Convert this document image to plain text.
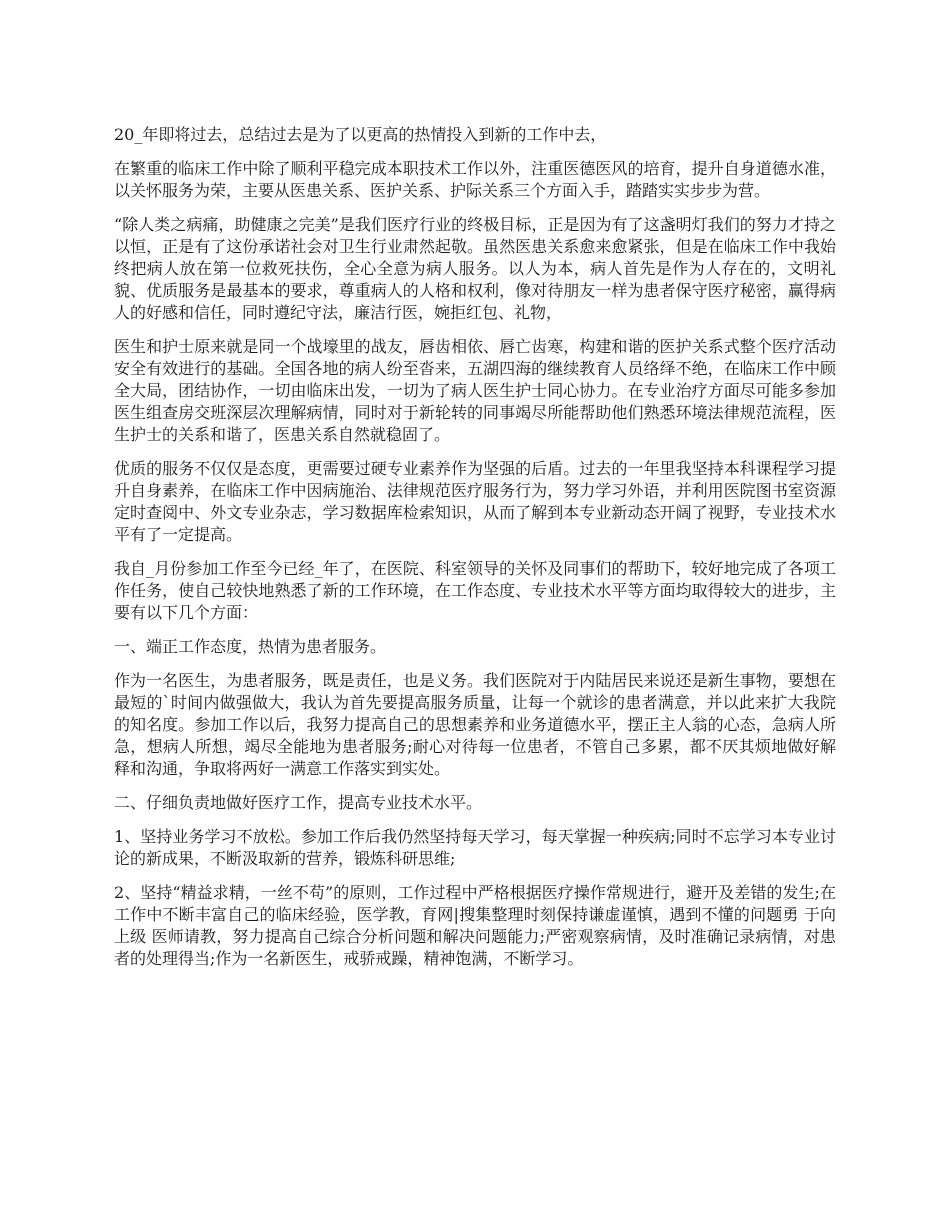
20_年即将过去，总结过去是为了以更高的热情投入到新的工作中去，

在繁重的临床工作中除了顺利平稳完成本职技术工作以外，注重医德医风的培育，提升自身道德水准，以关怀服务为荣，主要从医患关系、医护关系、护际关系三个方面入手，踏踏实实步步为营。

“除人类之病痛，助健康之完美”是我们医疗行业的终极目标，正是因为有了这盏明灯我们的努力才持之以恒，正是有了这份承诺社会对卫生行业肃然起敬。虽然医患关系愈来愈紧张，但是在临床工作中我始终把病人放在第一位救死扶伤，全心全意为病人服务。以人为本，病人首先是作为人存在的，文明礼貌、优质服务是最基本的要求，尊重病人的人格和权利，像对待朋友一样为患者保守医疗秘密，赢得病人的好感和信任，同时遵纪守法，廉洁行医，婉拒红包、礼物，

医生和护士原来就是同一个战壕里的战友，唇齿相依、唇亡齿寒，构建和谐的医护关系式整个医疗活动安全有效进行的基础。全国各地的病人纷至沓来，五湖四海的继续教育人员络绎不绝，在临床工作中顾全大局，团结协作，一切由临床出发，一切为了病人医生护士同心协力。在专业治疗方面尽可能多参加医生组查房交班深层次理解病情，同时对于新轮转的同事竭尽所能帮助他们熟悉环境法律规范流程，医生护士的关系和谐了，医患关系自然就稳固了。

优质的服务不仅仅是态度，更需要过硬专业素养作为坚强的后盾。过去的一年里我坚持本科课程学习提升自身素养，在临床工作中因病施治、法律规范医疗服务行为，努力学习外语，并利用医院图书室资源定时查阅中、外文专业杂志，学习数据库检索知识，从而了解到本专业新动态开阔了视野，专业技术水平有了一定提高。

我自_月份参加工作至今已经_年了，在医院、科室领导的关怀及同事们的帮助下，较好地完成了各项工作任务，使自己较快地熟悉了新的工作环境，在工作态度、专业技术水平等方面均取得较大的进步，主要有以下几个方面：

一、端正工作态度，热情为患者服务。

作为一名医生，为患者服务，既是责任，也是义务。我们医院对于内陆居民来说还是新生事物，要想在最短的`时间内做强做大，我认为首先要提高服务质量，让每一个就诊的患者满意，并以此来扩大我院的知名度。参加工作以后，我努力提高自己的思想素养和业务道德水平，摆正主人翁的心态，急病人所急，想病人所想，竭尽全能地为患者服务;耐心对待每一位患者，不管自己多累，都不厌其烦地做好解释和沟通，争取将两好一满意工作落实到实处。

二、仔细负责地做好医疗工作，提高专业技术水平。

1、坚持业务学习不放松。参加工作后我仍然坚持每天学习，每天掌握一种疾病;同时不忘学习本专业讨论的新成果，不断汲取新的营养，锻炼科研思维;

2、坚持“精益求精，一丝不苟”的原则，工作过程中严格根据医疗操作常规进行，避开及差错的发生;在工作中不断丰富自己的临床经验，医学教，育网|搜集整理时刻保持谦虚谨慎，遇到不懂的问题勇 于向上级 医师请教，努力提高自己综合分析问题和解决问题能力;严密观察病情，及时准确记录病情，对患者的处理得当;作为一名新医生，戒骄戒躁，精神饱满，不断学习。
